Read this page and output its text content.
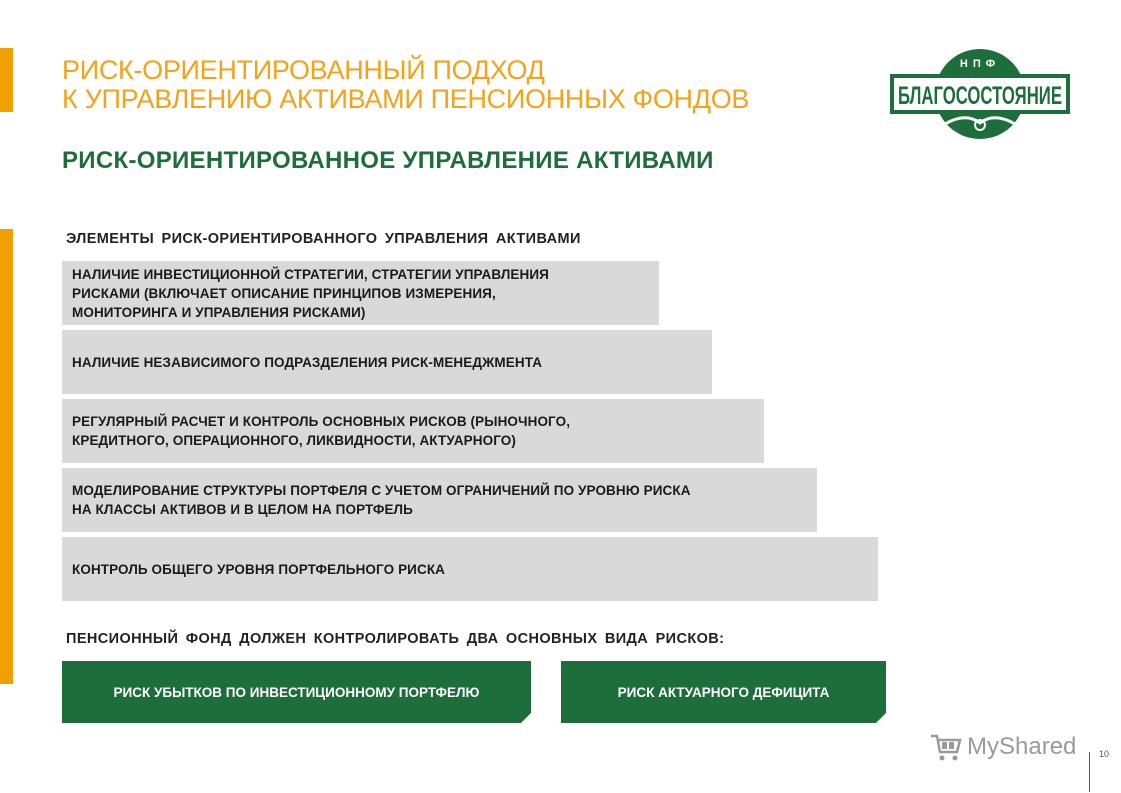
РИСК-ОРИЕНТИРОВАННЫЙ ПОДХОД
К УПРАВЛЕНИЮ АКТИВАМИ ПЕНСИОННЫХ ФОНДОВ
РИСК-ОРИЕНТИРОВАННОЕ УПРАВЛЕНИЕ АКТИВАМИ
НПФ
БЛАГОСОСТОЯНИЕ
ЭЛЕМЕНТЫ РИСК-ОРИЕНТИРОВАННОГО УПРАВЛЕНИЯ АКТИВАМИ
НАЛИЧИЕ ИНВЕСТИЦИОННОЙ СТРАТЕГИИ, СТРАТЕГИИ УПРАВЛЕНИЯ
РИСКАМИ (ВКЛЮЧАЕТ ОПИСАНИЕ ПРИНЦИПОВ ИЗМЕРЕНИЯ,
МОНИТОРИНГА И УПРАВЛЕНИЯ РИСКАМИ)
НАЛИЧИЕ НЕЗАВИСИМОГО ПОДРАЗДЕЛЕНИЯ РИСК-МЕНЕДЖМЕНТА
РЕГУЛЯРНЫЙ РАСЧЕТ И КОНТРОЛЬ ОСНОВНЫХ РИСКОВ (РЫНОЧНОГО,
КРЕДИТНОГО, ОПЕРАЦИОННОГО, ЛИКВИДНОСТИ, АКТУАРНОГО)
МОДЕЛИРОВАНИЕ СТРУКТУРЫ ПОРТФЕЛЯ С УЧЕТОМ ОГРАНИЧЕНИЙ ПО УРОВНЮ РИСКА
НА КЛАССЫ АКТИВОВ И В ЦЕЛОМ НА ПОРТФЕЛЬ
КОНТРОЛЬ ОБЩЕГО УРОВНЯ ПОРТФЕЛЬНОГО РИСКА
ПЕНСИОННЫЙ ФОНД ДОЛЖЕН КОНТРОЛИРОВАТЬ ДВА ОСНОВНЫХ ВИДА РИСКОВ:
РИСК УБЫТКОВ ПО ИНВЕСТИЦИОННОМУ ПОРТФЕЛЮ	РИСК АКТУАРНОГО ДЕФИЦИТА
MyShared	10
